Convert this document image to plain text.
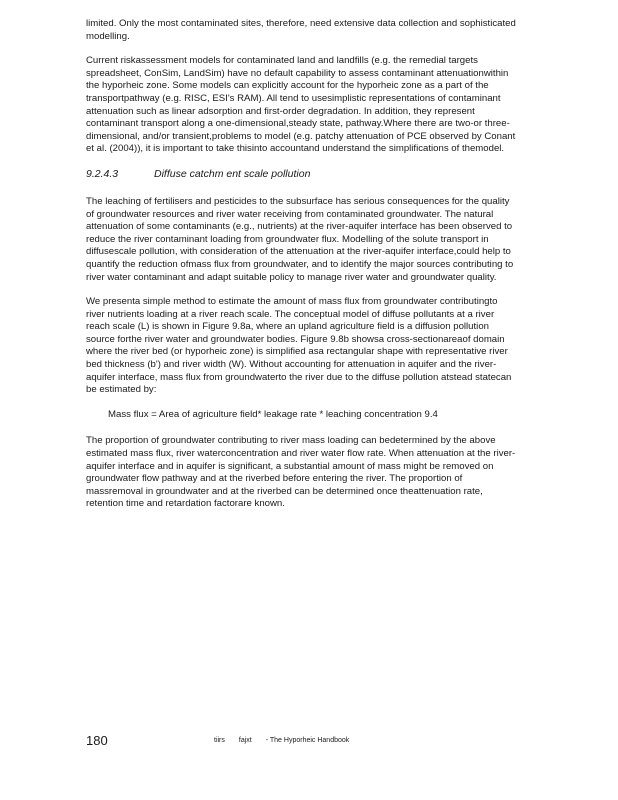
limited. Only the most contaminated sites, therefore, need extensive data collection and sophisticated modelling.

Current riskassessment models for contaminated land and landfills (e.g. the remedial targets spreadsheet, ConSim, LandSim) have no default capability to assess contaminant attenuationwithin the hyporheic zone. Some models can explicitly account for the hyporheic zone as a part of the transportpathway (e.g. RISC, ESI's RAM). All tend to usesimplistic representations of contaminant attenuation such as linear adsorption and first-order degradation. In addition, they represent contaminant transport along a one-dimensional,steady state, pathway.Where there are two-or three-dimensional, and/or transient,problems to model (e.g. patchy attenuation of PCE observed by Conant et al. (2004)), it is important to take thisinto accountand understand the simplifications of themodel.

9.2.4.3	Diffuse catchm ent scale pollution

The leaching of fertilisers and pesticides to the subsurface has serious consequences for the quality of groundwater resources and river water receiving from contaminated groundwater. The natural attenuation of some contaminants (e.g., nutrients) at the river-aquifer interface has been observed to reduce the river contaminant loading from groundwater flux. Modelling of the solute transport in diffusescale pollution, with consideration of the attenuation at the river-aquifer interface,could help to quantify the reduction ofmass flux from groundwater, and to identify the major sources contributing to river water contaminant and adapt suitable policy to manage river water and groundwater quality.

We presenta simple method to estimate the amount of mass flux from groundwater contributingto river nutrients loading at a river reach scale. The conceptual model of diffuse pollutants at a river reach scale (L) is shown in Figure 9.8a, where an upland agriculture field is a diffusion pollution source forthe river water and groundwater bodies. Figure 9.8b showsa cross-sectionareaof domain where the river bed (or hyporheic zone) is simplified asa rectangular shape with representative river bed thickness (b') and river width (W). Without accounting for attenuation in aquifer and the river-aquifer interface, mass flux from groundwaterto the river due to the diffuse pollution atstead statecan be estimated by:

Mass flux = Area of agriculture field* leakage rate * leaching concentration 9.4

The proportion of groundwater contributing to river mass loading can bedetermined by the above estimated mass flux, river waterconcentration and river water flow rate. When attenuation at the river-aquifer interface and in aquifer is significant, a substantial amount of mass might be removed on groundwater flow pathway and at the riverbed before entering the river. The proportion of massremoval in groundwater and at the riverbed can be determined once theattenuation rate, retention time and retardation factorare known.

180	tiirs fajxt - The Hyporheic Handbook
